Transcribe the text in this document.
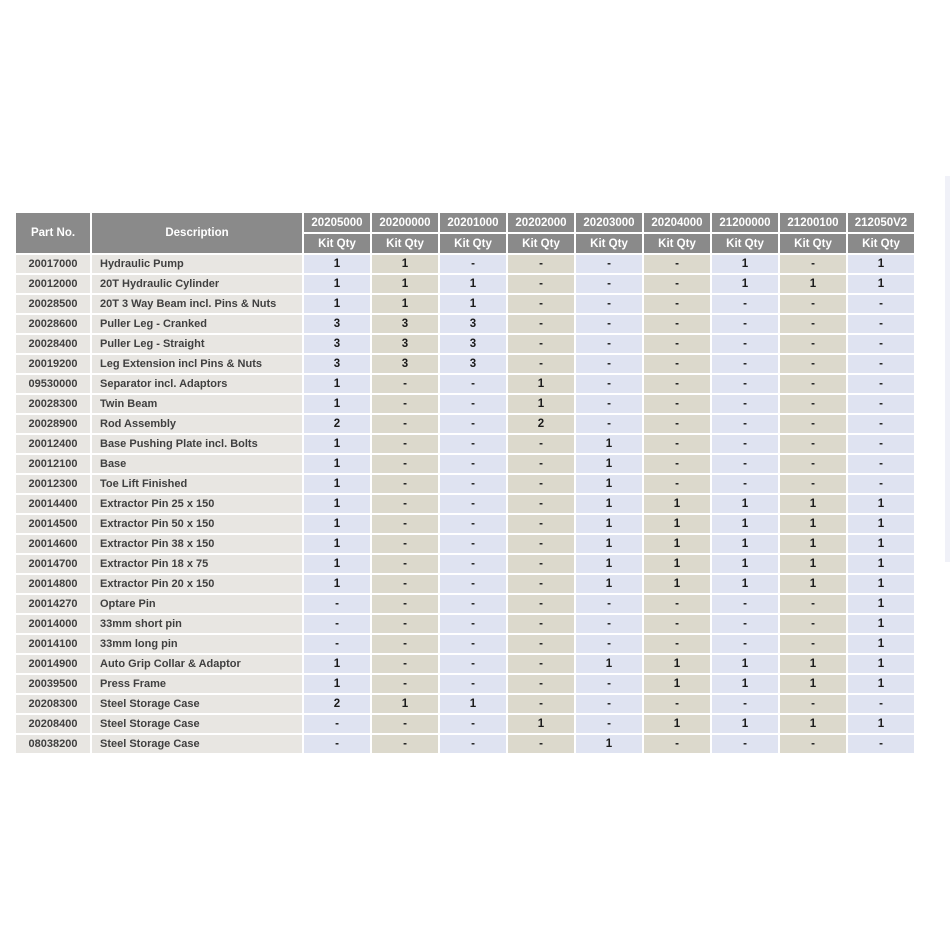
Part No.	Description	20205000	20200000	20201000	20202000	20203000	20204000	21200000	21200100	212050V2
		Kit Qty	Kit Qty	Kit Qty	Kit Qty	Kit Qty	Kit Qty	Kit Qty	Kit Qty	Kit Qty
20017000	Hydraulic Pump	1	1	-	-	-	-	1	-	1
20012000	20T Hydraulic Cylinder	1	1	1	-	-	-	1	1	1
20028500	20T 3 Way Beam incl. Pins & Nuts	1	1	1	-	-	-	-	-	-
20028600	Puller Leg - Cranked	3	3	3	-	-	-	-	-	-
20028400	Puller Leg - Straight	3	3	3	-	-	-	-	-	-
20019200	Leg Extension incl Pins & Nuts	3	3	3	-	-	-	-	-	-
09530000	Separator incl. Adaptors	1	-	-	1	-	-	-	-	-
20028300	Twin Beam	1	-	-	1	-	-	-	-	-
20028900	Rod Assembly	2	-	-	2	-	-	-	-	-
20012400	Base Pushing Plate incl. Bolts	1	-	-	-	1	-	-	-	-
20012100	Base	1	-	-	-	1	-	-	-	-
20012300	Toe Lift Finished	1	-	-	-	1	-	-	-	-
20014400	Extractor Pin 25 x 150	1	-	-	-	1	1	1	1	1
20014500	Extractor Pin 50 x 150	1	-	-	-	1	1	1	1	1
20014600	Extractor Pin 38 x 150	1	-	-	-	1	1	1	1	1
20014700	Extractor Pin 18 x 75	1	-	-	-	1	1	1	1	1
20014800	Extractor Pin 20 x 150	1	-	-	-	1	1	1	1	1
20014270	Optare Pin	-	-	-	-	-	-	-	-	1
20014000	33mm short pin	-	-	-	-	-	-	-	-	1
20014100	33mm long pin	-	-	-	-	-	-	-	-	1
20014900	Auto Grip Collar & Adaptor	1	-	-	-	1	1	1	1	1
20039500	Press Frame	1	-	-	-	-	1	1	1	1
20208300	Steel Storage Case	2	1	1	-	-	-	-	-	-
20208400	Steel Storage Case	-	-	-	1	-	1	1	1	1
08038200	Steel Storage Case	-	-	-	-	1	-	-	-	-
